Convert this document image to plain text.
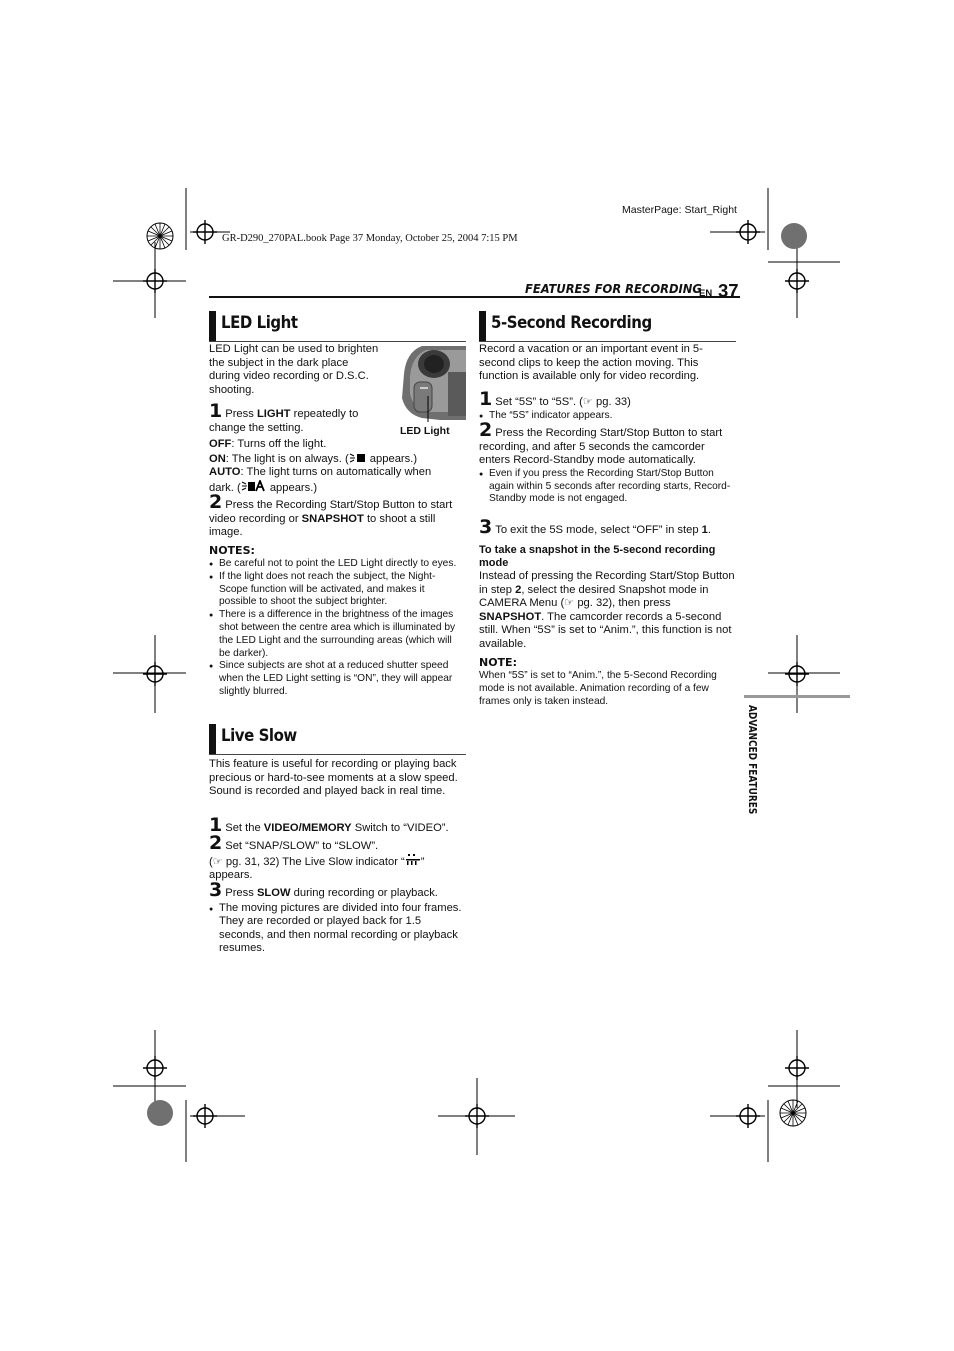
MasterPage: Start_Right
GR-D290_270PAL.book Page 37 Monday, October 25, 2004 7:15 PM
FEATURES FOR RECORDING
EN 37
ADVANCED FEATURES
LED Light

LED Light can be used to brighten the subject in the dark place during video recording or D.S.C. shooting.

LED Light
1 Press LIGHT repeatedly to change the setting.
OFF: Turns off the light.
ON: The light is on always. ( appears.)
AUTO: The light turns on automatically when dark. ( appears.)
2 Press the Recording Start/Stop Button to start video recording or SNAPSHOT to shoot a still image.
NOTES:
● Be careful not to point the LED Light directly to eyes.
● If the light does not reach the subject, the Night-Scope function will be activated, and makes it possible to shoot the subject brighter.
● There is a difference in the brightness of the images shot between the centre area which is illuminated by the LED Light and the surrounding areas (which will be darker).
● Since subjects are shot at a reduced shutter speed when the LED Light setting is “ON”, they will appear slightly blurred.
Live Slow

This feature is useful for recording or playing back precious or hard-to-see moments at a slow speed. Sound is recorded and played back in real time.

1 Set the VIDEO/MEMORY Switch to “VIDEO”.
2 Set “SNAP/SLOW” to “SLOW”.
(☞ pg. 31, 32) The Live Slow indicator “ ” appears.
3 Press SLOW during recording or playback.
● The moving pictures are divided into four frames. They are recorded or played back for 1.5 seconds, and then normal recording or playback resumes.
5-Second Recording

Record a vacation or an important event in 5-second clips to keep the action moving. This function is available only for video recording.

1 Set “5S” to “5S”. (☞ pg. 33)
● The “5S” indicator appears.
2 Press the Recording Start/Stop Button to start recording, and after 5 seconds the camcorder enters Record-Standby mode automatically.
● Even if you press the Recording Start/Stop Button again within 5 seconds after recording starts, Record-Standby mode is not engaged.
3 To exit the 5S mode, select “OFF” in step 1.
To take a snapshot in the 5-second recording mode

Instead of pressing the Recording Start/Stop Button in step 2, select the desired Snapshot mode in CAMERA Menu (☞ pg. 32), then press SNAPSHOT. The camcorder records a 5-second still. When “5S” is set to “Anim.”, this function is not available.

NOTE:
When “5S” is set to “Anim.”, the 5-Second Recording mode is not available. Animation recording of a few frames only is taken instead.
